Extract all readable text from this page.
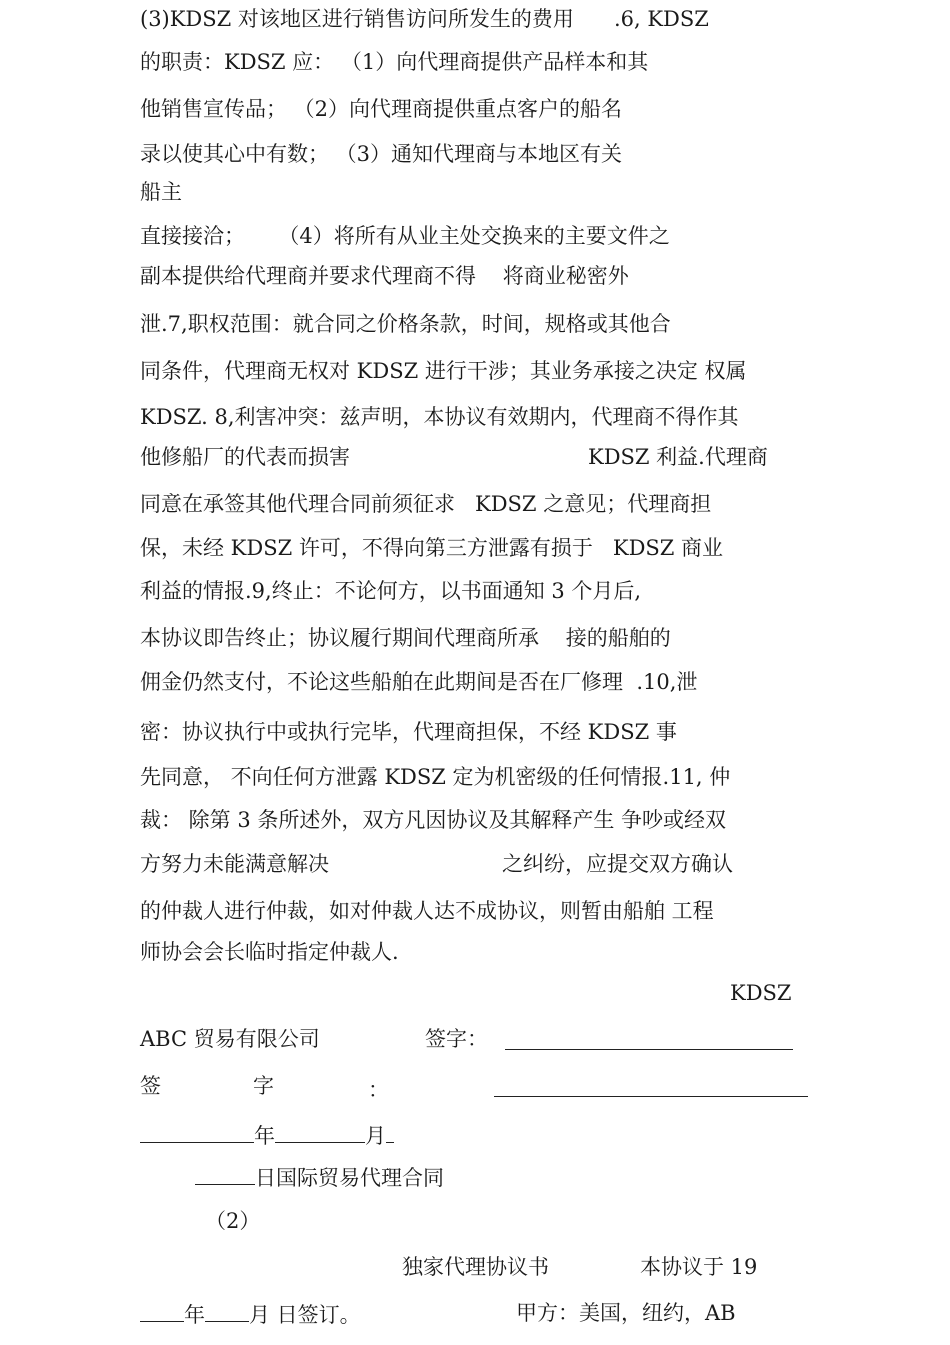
(3)KDSZ 对该地区进行销售访问所发生的费用      .6, KDSZ
的职责：KDSZ 应： （1）向代理商提供产品样本和其
他销售宣传品； （2）向代理商提供重点客户的船名
录以使其心中有数； （3）通知代理商与本地区有关
船主
直接接洽；     （4）将所有从业主处交换来的主要文件之
副本提供给代理商并要求代理商不得    将商业秘密外
泄.7,职权范围：就合同之价格条款，时间，规格或其他合
同条件，代理商无权对 KDSZ 进行干涉；其业务承接之决定 权属
KDSZ. 8,利害冲突：兹声明，本协议有效期内，代理商不得作其
他修船厂的代表而损害	KDSZ 利益.代理商
同意在承签其他代理合同前须征求   KDSZ 之意见；代理商担
保，未经 KDSZ 许可，不得向第三方泄露有损于   KDSZ 商业
利益的情报.9,终止：不论何方，以书面通知 3 个月后,
本协议即告终止；协议履行期间代理商所承    接的船舶的
佣金仍然支付，不论这些船舶在此期间是否在厂修理  .10,泄
密：协议执行中或执行完毕，代理商担保，不经 KDSZ 事
先同意， 不向任何方泄露 KDSZ 定为机密级的任何情报.11, 仲
裁： 除第 3 条所述外，双方凡因协议及其解释产生 争吵或经双
方努力未能满意解决	之纠纷，应提交双方确认
的仲裁人进行仲裁，如对仲裁人达不成协议，则暂由船舶 工程
师协会会长临时指定仲裁人.
KDSZ
ABC 贸易有限公司	签字：
签	字	：
年	月
日国际贸易代理合同
（2）
独家代理协议书	本协议于 19
年 月 日签订。	甲方：美国，纽约，AB
